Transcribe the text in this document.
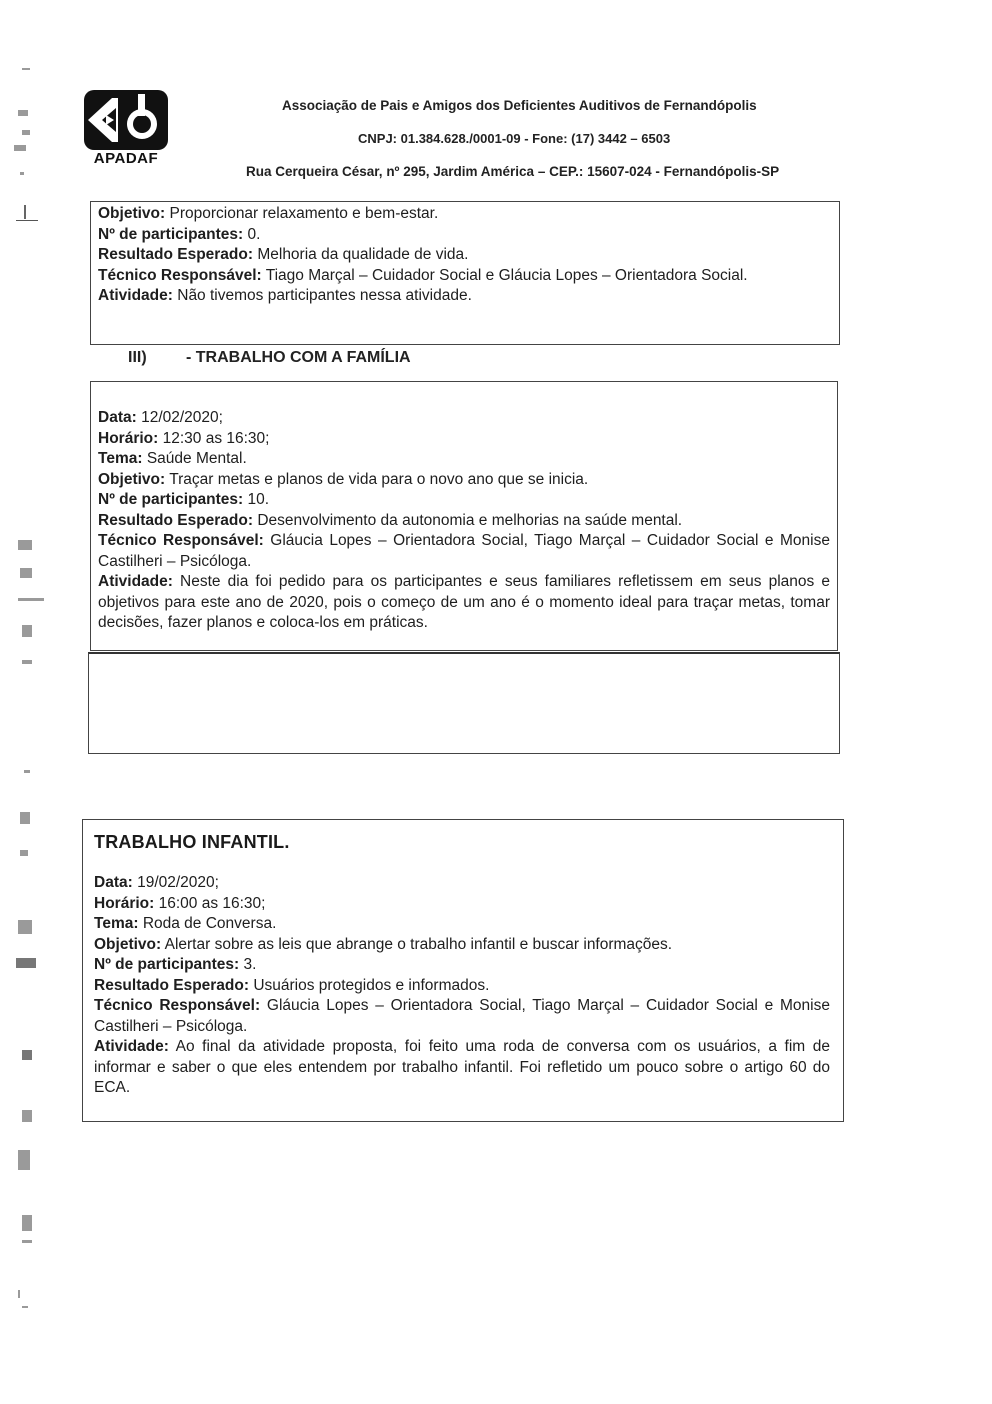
APADAF
Associação de Pais e Amigos dos Deficientes Auditivos de Fernandópolis
CNPJ: 01.384.628./0001-09 - Fone: (17) 3442 – 6503
Rua Cerqueira César, nº 295, Jardim América – CEP.: 15607-024 - Fernandópolis-SP

Objetivo: Proporcionar relaxamento e bem-estar.

Nº de participantes: 0.

Resultado Esperado: Melhoria da qualidade de vida.

Técnico Responsável: Tiago Marçal – Cuidador Social e Gláucia Lopes – Orientadora Social.

Atividade: Não tivemos participantes nessa atividade.

III) - TRABALHO COM A FAMÍLIA

Data: 12/02/2020;

Horário: 12:30 as 16:30;

Tema: Saúde Mental.

Objetivo: Traçar metas e planos de vida para o novo ano que se inicia.

Nº de participantes: 10.

Resultado Esperado: Desenvolvimento da autonomia e melhorias na saúde mental.

Técnico Responsável: Gláucia Lopes – Orientadora Social, Tiago Marçal – Cuidador Social e Monise Castilheri – Psicóloga.

Atividade: Neste dia foi pedido para os participantes e seus familiares refletissem em seus planos e objetivos para este ano de 2020, pois o começo de um ano é o momento ideal para traçar metas, tomar decisões, fazer planos e coloca-los em práticas.

TRABALHO INFANTIL.

Data: 19/02/2020;

Horário: 16:00 as 16:30;

Tema: Roda de Conversa.

Objetivo: Alertar sobre as leis que abrange o trabalho infantil e buscar informações.

Nº de participantes: 3.

Resultado Esperado: Usuários protegidos e informados.

Técnico Responsável: Gláucia Lopes – Orientadora Social, Tiago Marçal – Cuidador Social e Monise Castilheri – Psicóloga.

Atividade: Ao final da atividade proposta, foi feito uma roda de conversa com os usuários, a fim de informar e saber o que eles entendem por trabalho infantil. Foi refletido um pouco sobre o artigo 60 do ECA.
